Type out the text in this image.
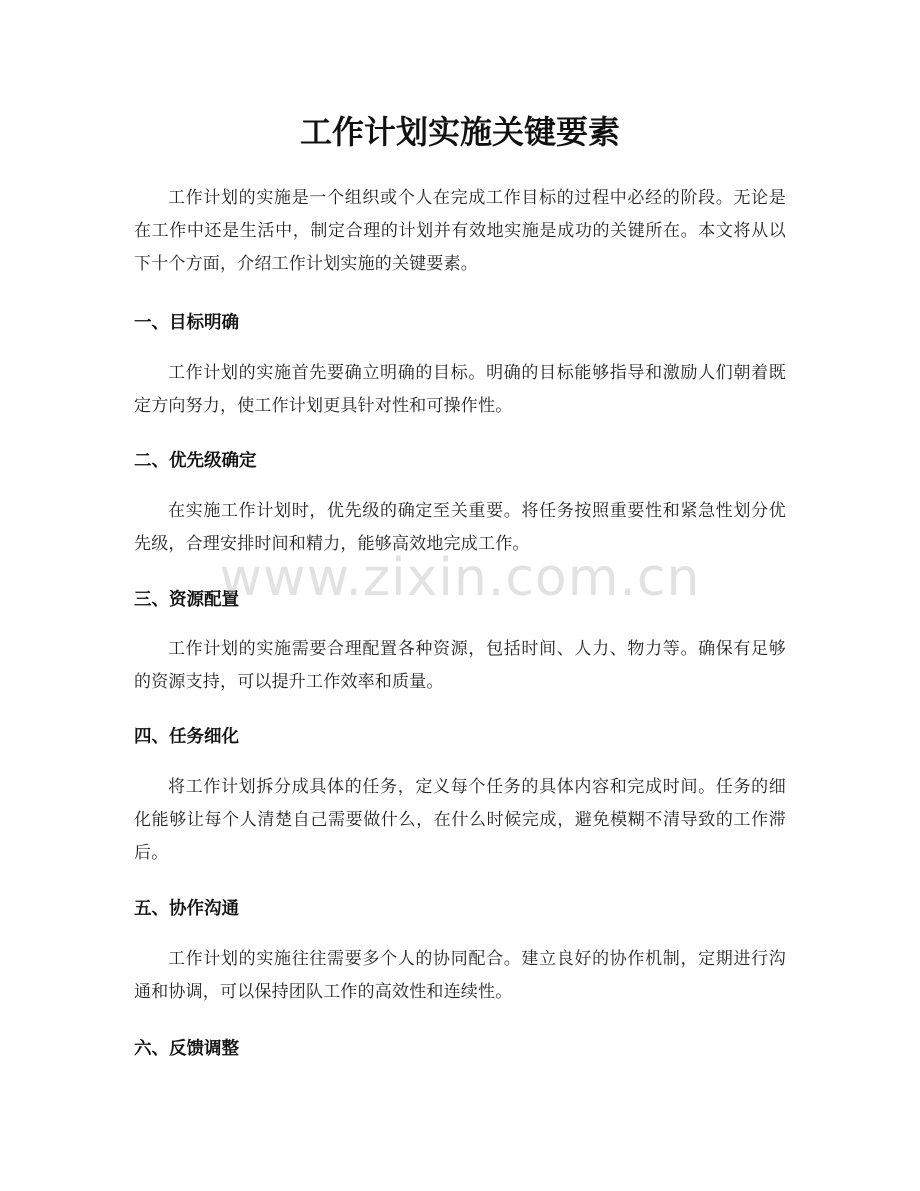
工作计划实施关键要素

工作计划的实施是一个组织或个人在完成工作目标的过程中必经的阶段。无论是在工作中还是生活中，制定合理的计划并有效地实施是成功的关键所在。本文将从以下十个方面，介绍工作计划实施的关键要素。

一、目标明确

工作计划的实施首先要确立明确的目标。明确的目标能够指导和激励人们朝着既定方向努力，使工作计划更具针对性和可操作性。

二、优先级确定

在实施工作计划时，优先级的确定至关重要。将任务按照重要性和紧急性划分优先级，合理安排时间和精力，能够高效地完成工作。

三、资源配置

工作计划的实施需要合理配置各种资源，包括时间、人力、物力等。确保有足够的资源支持，可以提升工作效率和质量。

四、任务细化

将工作计划拆分成具体的任务，定义每个任务的具体内容和完成时间。任务的细化能够让每个人清楚自己需要做什么，在什么时候完成，避免模糊不清导致的工作滞后。

五、协作沟通

工作计划的实施往往需要多个人的协同配合。建立良好的协作机制，定期进行沟通和协调，可以保持团队工作的高效性和连续性。

六、反馈调整
www.zixin.com.cn
